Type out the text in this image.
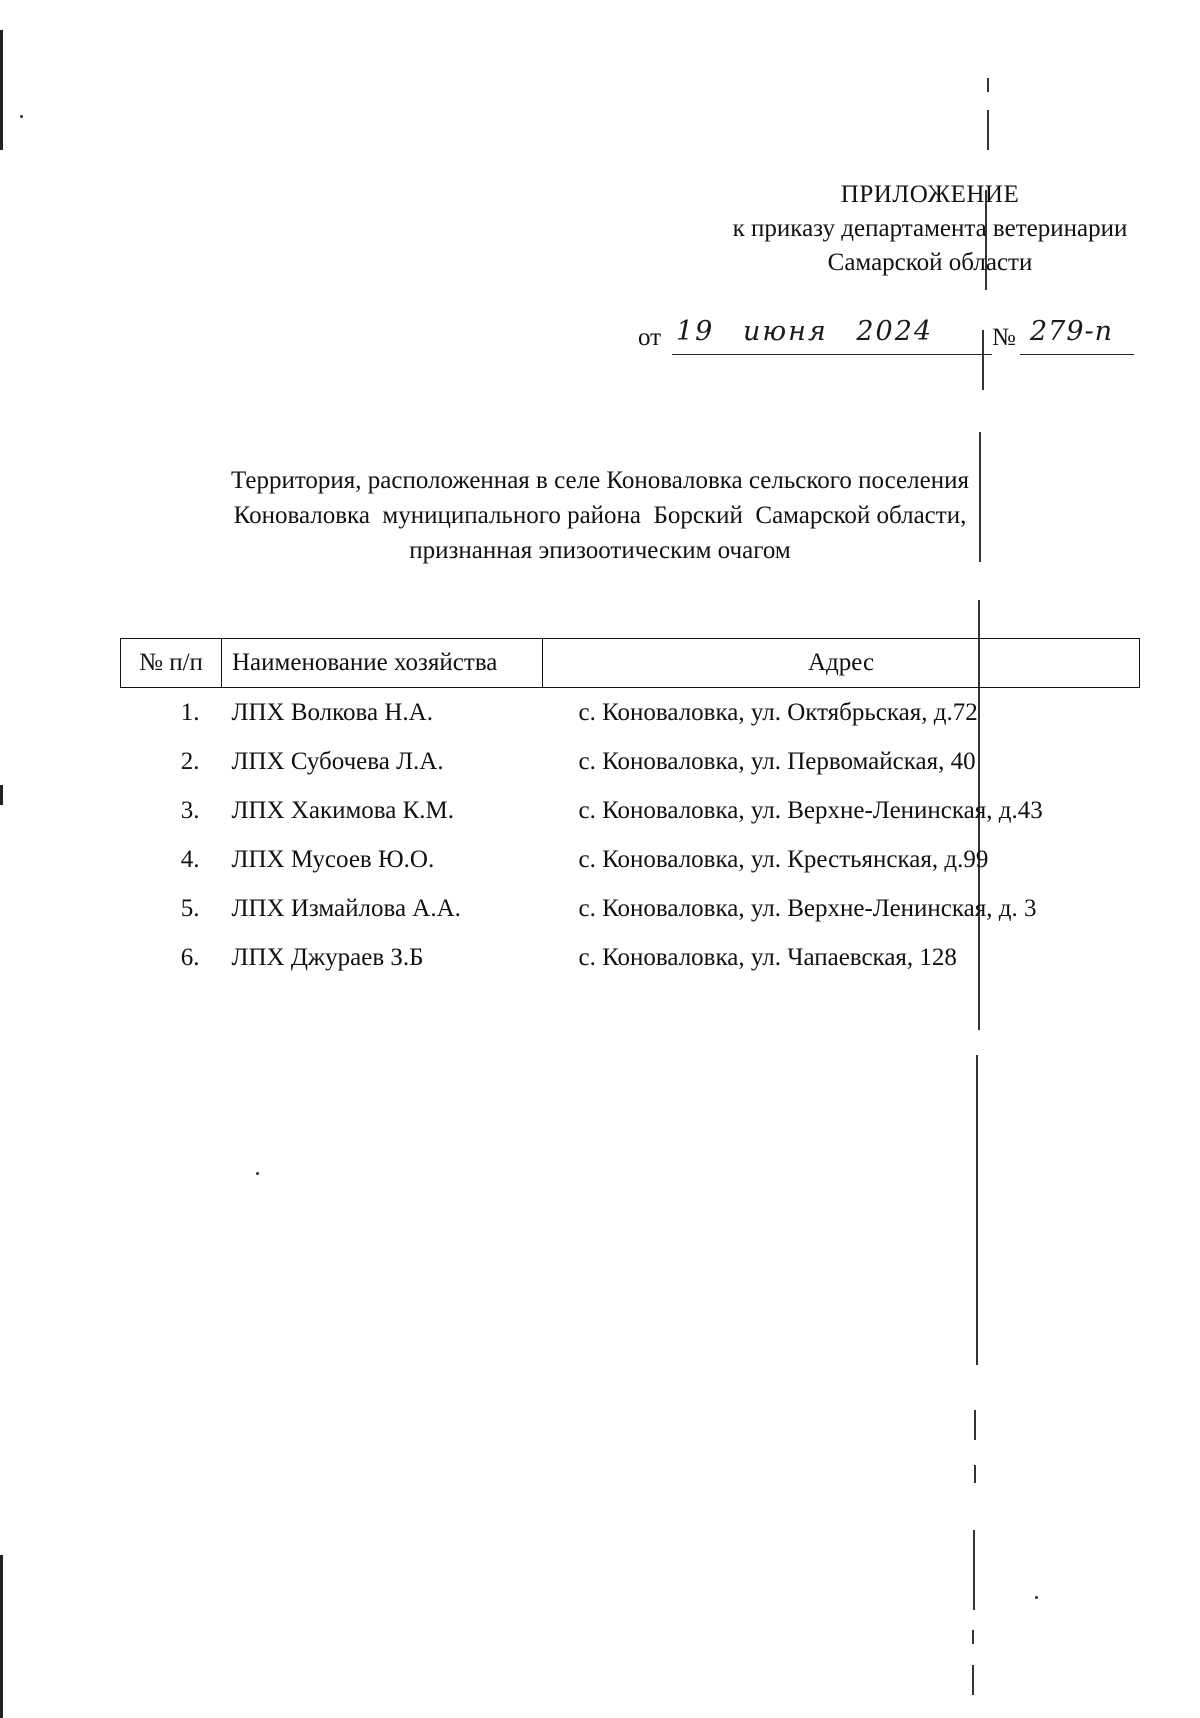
ПРИЛОЖЕНИЕ
к приказу департамента ветеринарии
Самарской области
от 19 июня 2024	№ 279-п
Территория, расположенная в селе Коноваловка сельского поселения
Коноваловка  муниципального района  Борский  Самарской области,
признанная эпизоотическим очагом
№ п/п	Наименование хозяйства	Адрес
1.	ЛПХ Волкова Н.А.	с. Коноваловка, ул. Октябрьская, д.72
2.	ЛПХ Субочева Л.А.	с. Коноваловка, ул. Первомайская, 40
3.	ЛПХ Хакимова К.М.	с. Коноваловка, ул. Верхне-Ленинская, д.43
4.	ЛПХ Мусоев Ю.О.	с. Коноваловка, ул. Крестьянская, д.99
5.	ЛПХ Измайлова А.А.	с. Коноваловка, ул. Верхне-Ленинская, д. 3
6.	ЛПХ Джураев З.Б	с. Коноваловка, ул. Чапаевская, 128
